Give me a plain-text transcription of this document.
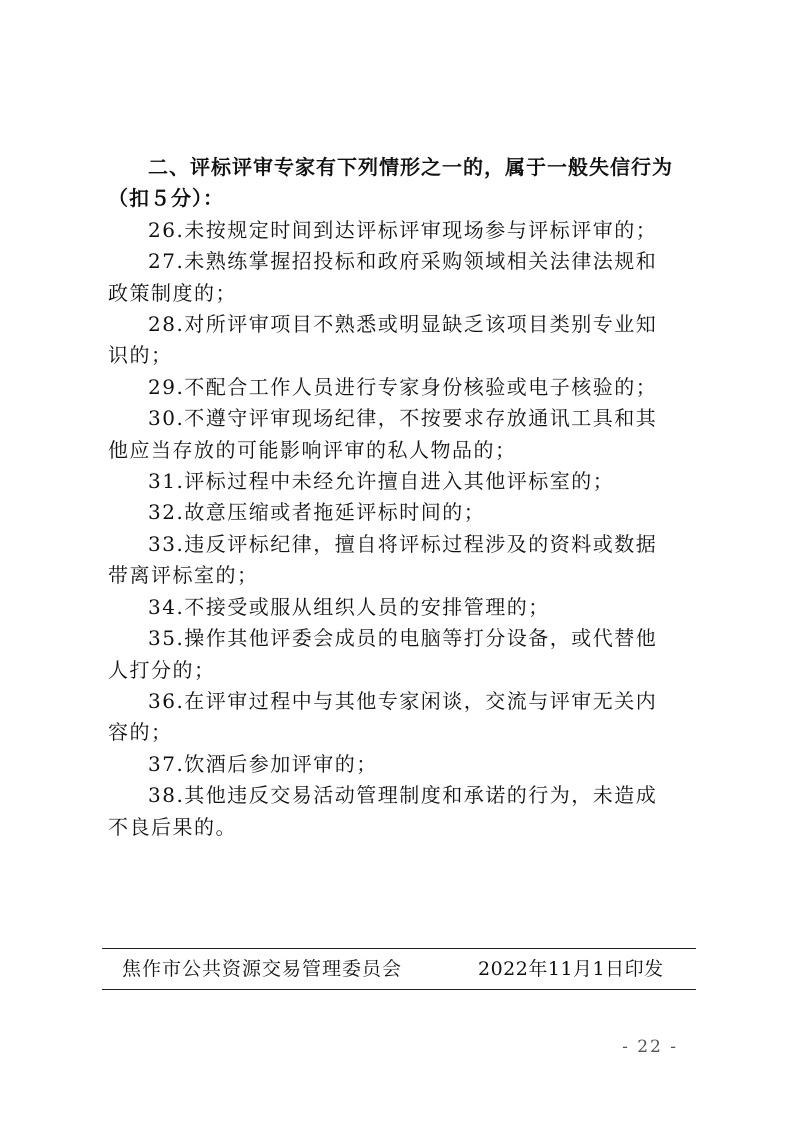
二、评标评审专家有下列情形之一的，属于一般失信行为（扣５分）：

26.未按规定时间到达评标评审现场参与评标评审的；

27.未熟练掌握招投标和政府采购领域相关法律法规和政策制度的；

28.对所评审项目不熟悉或明显缺乏该项目类别专业知识的；

29.不配合工作人员进行专家身份核验或电子核验的；

30.不遵守评审现场纪律，不按要求存放通讯工具和其他应当存放的可能影响评审的私人物品的；

31.评标过程中未经允许擅自进入其他评标室的；

32.故意压缩或者拖延评标时间的；

33.违反评标纪律，擅自将评标过程涉及的资料或数据带离评标室的；

34.不接受或服从组织人员的安排管理的；

35.操作其他评委会成员的电脑等打分设备，或代替他人打分的；

36.在评审过程中与其他专家闲谈，交流与评审无关内容的；

37.饮酒后参加评审的；

38.其他违反交易活动管理制度和承诺的行为，未造成不良后果的。

焦作市公共资源交易管理委员会	2022年11月1日印发
- 22 -
